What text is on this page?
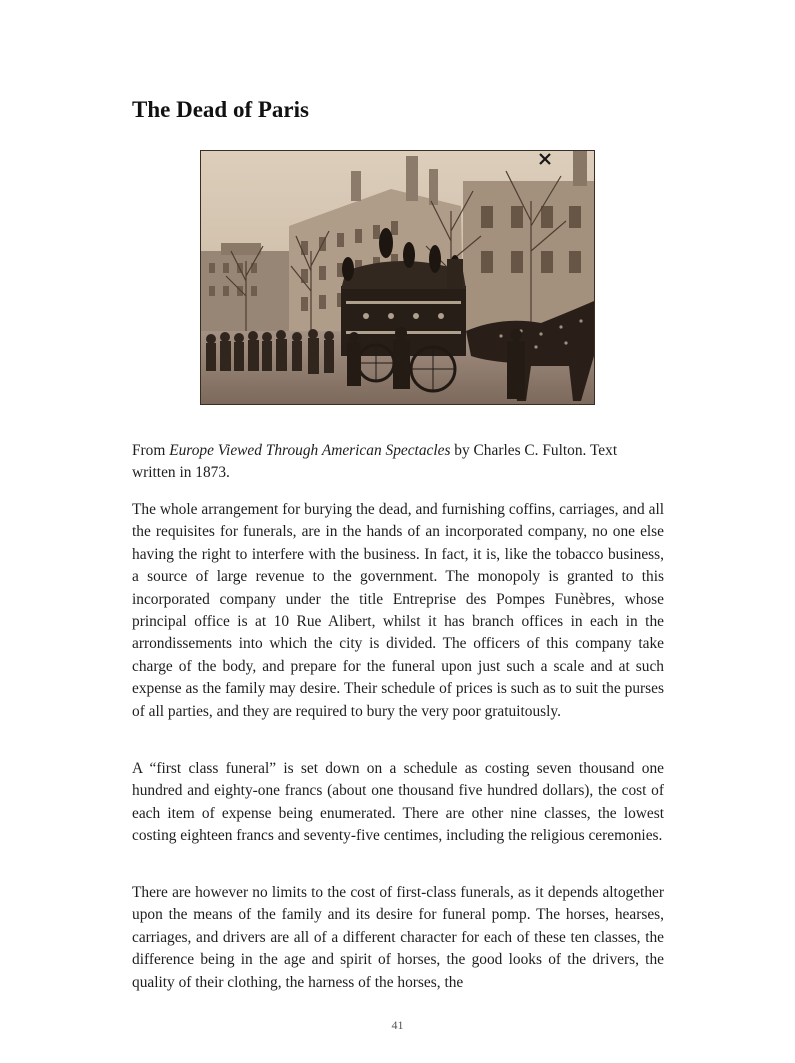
The Dead of Paris

From Europe Viewed Through American Spectacles by Charles C. Fulton. Text written in 1873.

The whole arrangement for burying the dead, and furnishing coffins, carriages, and all the requisites for funerals, are in the hands of an incorporated company, no one else having the right to interfere with the business. In fact, it is, like the tobacco business, a source of large revenue to the government. The monopoly is granted to this incorporated company under the title Entreprise des Pompes Funèbres, whose principal office is at 10 Rue Alibert, whilst it has branch offices in each in the arrondissements into which the city is divided. The officers of this company take charge of the body, and prepare for the funeral upon just such a scale and at such expense as the family may desire. Their schedule of prices is such as to suit the purses of all parties, and they are required to bury the very poor gratuitously.

A “first class funeral” is set down on a schedule as costing seven thousand one hundred and eighty-one francs (about one thousand five hundred dollars), the cost of each item of expense being enumerated. There are other nine classes, the lowest costing eighteen francs and seventy-five centimes, including the religious ceremonies.

There are however no limits to the cost of first-class funerals, as it depends altogether upon the means of the family and its desire for funeral pomp. The horses, hearses, carriages, and drivers are all of a different character for each of these ten classes, the difference being in the age and spirit of horses, the good looks of the drivers, the quality of their clothing, the harness of the horses, the

41
